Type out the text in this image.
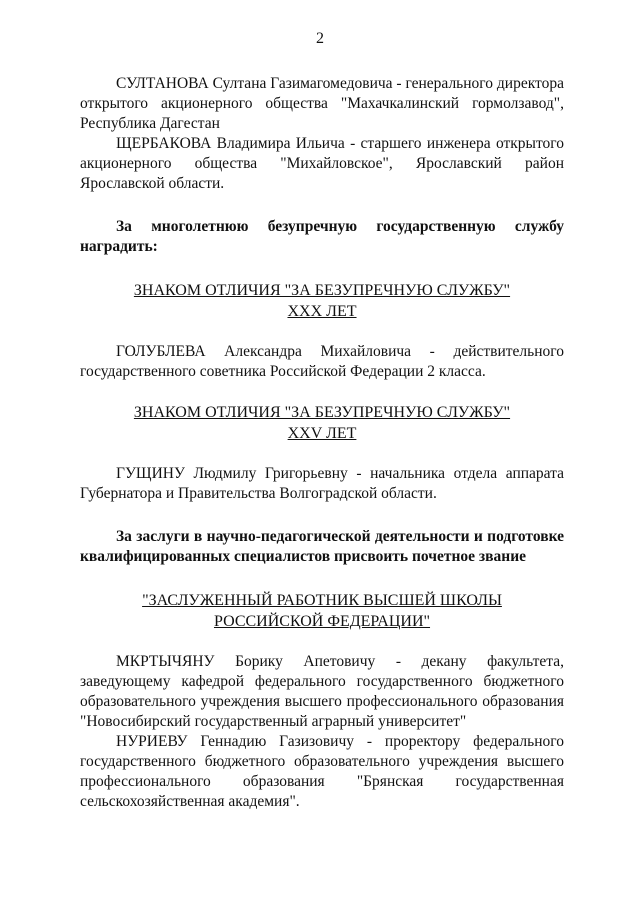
2

СУЛТАНОВА Султана Газимагомедовича - генерального директора открытого акционерного общества "Махачкалинский гормолзавод", Республика Дагестан

ЩЕРБАКОВА Владимира Ильича - старшего инженера открытого акционерного общества "Михайловское", Ярославский район Ярославской области.

За многолетнюю безупречную государственную службу наградить:

ЗНАКОМ ОТЛИЧИЯ "ЗА БЕЗУПРЕЧНУЮ СЛУЖБУ"
XXX ЛЕТ

ГОЛУБЛЕВА Александра Михайловича - действительного государственного советника Российской Федерации 2 класса.

ЗНАКОМ ОТЛИЧИЯ "ЗА БЕЗУПРЕЧНУЮ СЛУЖБУ"
XXV ЛЕТ

ГУЩИНУ Людмилу Григорьевну - начальника отдела аппарата Губернатора и Правительства Волгоградской области.

За заслуги в научно-педагогической деятельности и подготовке квалифицированных специалистов присвоить почетное звание

"ЗАСЛУЖЕННЫЙ РАБОТНИК ВЫСШЕЙ ШКОЛЫ
РОССИЙСКОЙ ФЕДЕРАЦИИ"

МКРТЫЧЯНУ Борику Апетовичу - декану факультета, заведующему кафедрой федерального государственного бюджетного образовательного учреждения высшего профессионального образования "Новосибирский государственный аграрный университет"

НУРИЕВУ Геннадию Газизовичу - проректору федерального государственного бюджетного образовательного учреждения высшего профессионального образования "Брянская государственная сельскохозяйственная академия".
